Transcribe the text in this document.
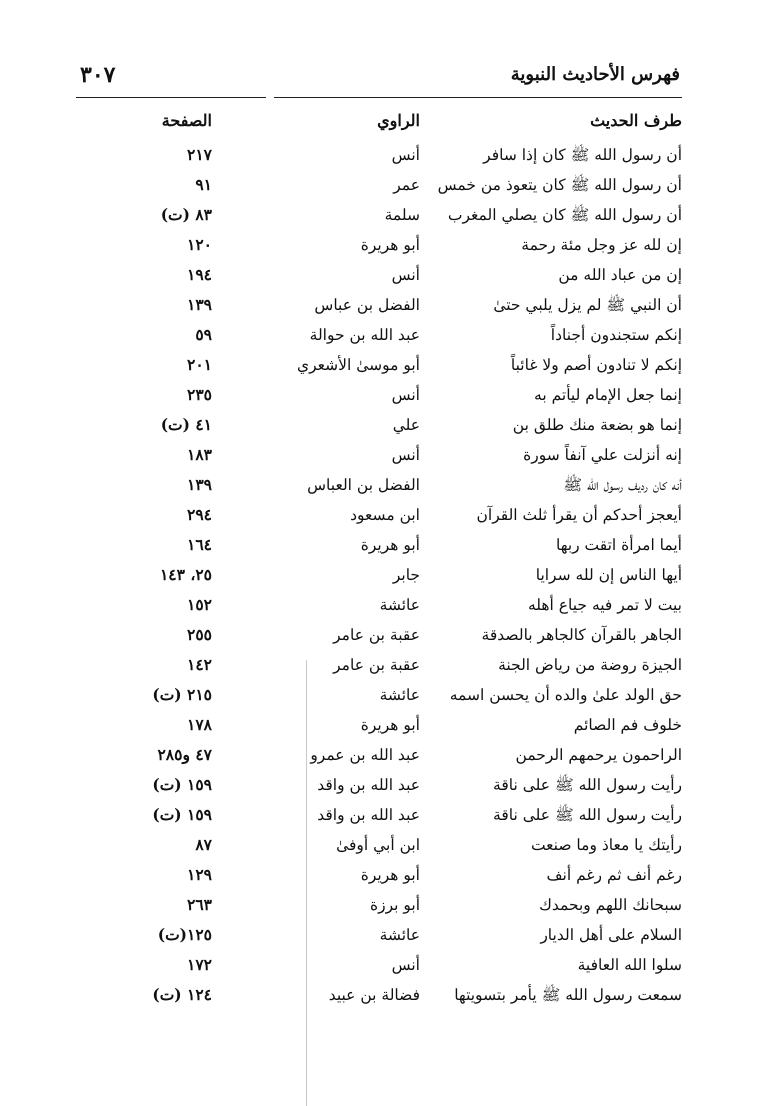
٣٠٧	فهرس الأحاديث النبوية
طرف الحديث
الراوي
الصفحة
أن رسول الله ﷺ كان إذا سافر
أنس
٢١٧
أن رسول الله ﷺ كان يتعوذ من خمس
عمر
٩١
أن رسول الله ﷺ كان يصلي المغرب
سلمة
٨٣ (ت)
إن لله عز وجل مئة رحمة
أبو هريرة
١٢٠
إن من عباد الله من
أنس
١٩٤
أن النبي ﷺ لم يزل يلبي حتىٰ
الفضل بن عباس
١٣٩
إنكم ستجندون أجناداً
عبد الله بن حوالة
٥٩
إنكم لا تنادون أصم ولا غائباً
أبو موسىٰ الأشعري
٢٠١
إنما جعل الإمام ليأتم به
أنس
٢٣٥
إنما هو بضعة منك طلق بن
علي
٤١ (ت)
إنه أنزلت علي آنفاً سورة
أنس
١٨٣
أنه كان رديف رسول الله ﷺ
الفضل بن العباس
١٣٩
أيعجز أحدكم أن يقرأ ثلث القرآن
ابن مسعود
٢٩٤
أيما امرأة اتقت ربها
أبو هريرة
١٦٤
أيها الناس إن لله سرايا
جابر
٢٥، ١٤٣
بيت لا تمر فيه جياع أهله
عائشة
١٥٢
الجاهر بالقرآن كالجاهر بالصدقة
عقبة بن عامر
٢٥٥
الجيزة روضة من رياض الجنة
عقبة بن عامر
١٤٢
حق الولد علىٰ والده أن يحسن اسمه
عائشة
٢١٥ (ت)
خلوف فم الصائم
أبو هريرة
١٧٨
الراحمون يرحمهم الرحمن
عبد الله بن عمرو
٤٧ و٢٨٥
رأيت رسول الله ﷺ على ناقة
عبد الله بن واقد
١٥٩ (ت)
رأيت رسول الله ﷺ على ناقة
عبد الله بن واقد
١٥٩ (ت)
رأيتك يا معاذ وما صنعت
ابن أبي أوفىٰ
٨٧
رغم أنف ثم رغم أنف
أبو هريرة
١٢٩
سبحانك اللهم وبحمدك
أبو برزة
٢٦٣
السلام على أهل الديار
عائشة
١٢٥(ت)
سلوا الله العافية
أنس
١٧٢
سمعت رسول الله ﷺ يأمر بتسويتها
فضالة بن عبيد
١٢٤ (ت)
